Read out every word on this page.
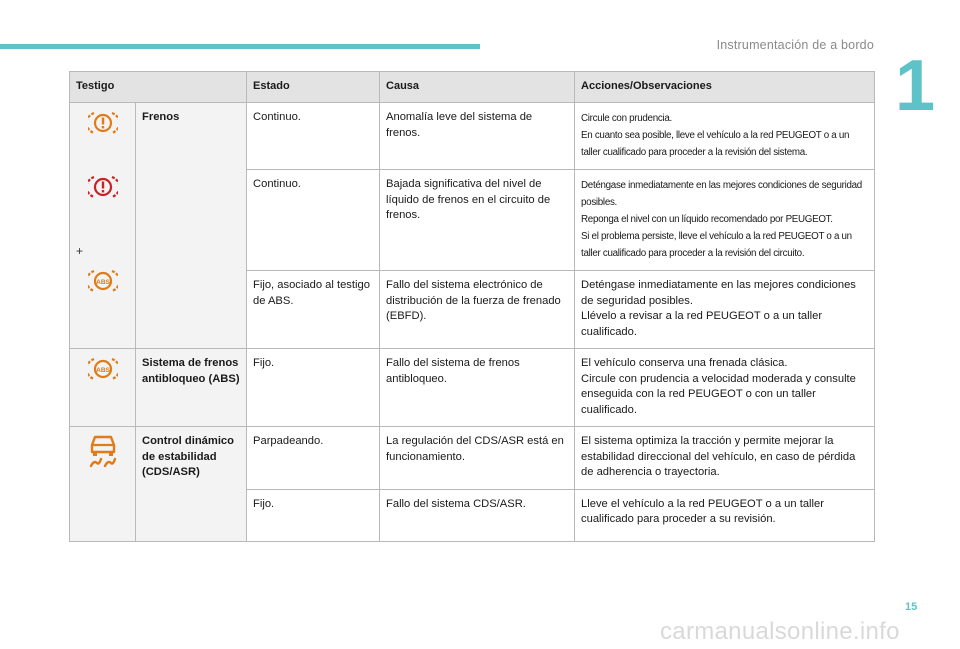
Instrumentación de a bordo
1
Testigo		Estado	Causa	Acciones/Observaciones

+
ABS	Frenos	Continuo.	Anomalía leve del sistema de frenos.	Circule con prudencia.
En cuanto sea posible, lleve el vehículo a la red PEUGEOT o a un taller cualificado para proceder a la revisión del sistema.

		Continuo.	Bajada significativa del nivel de líquido de frenos en el circuito de frenos.	Deténgase inmediatamente en las mejores condiciones de seguridad posibles.
Reponga el nivel con un líquido recomendado por PEUGEOT.
Si el problema persiste, lleve el vehículo a la red PEUGEOT o a un taller cualificado para proceder a la revisión del circuito.

		Fijo, asociado al testigo de ABS.	Fallo del sistema electrónico de distribución de la fuerza de frenado (EBFD).	Deténgase inmediatamente en las mejores condiciones de seguridad posibles.
Llévelo a revisar a la red PEUGEOT o a un taller cualificado.

ABS	Sistema de frenos antibloqueo (ABS)	Fijo.	Fallo del sistema de frenos antibloqueo.	El vehículo conserva una frenada clásica.
Circule con prudencia a velocidad moderada y consulte enseguida con la red PEUGEOT o con un taller cualificado.

	Control dinámico de estabilidad (CDS/ASR)	Parpadeando.	La regulación del CDS/ASR está en funcionamiento.	El sistema optimiza la tracción y permite mejorar la estabilidad direccional del vehículo, en caso de pérdida de adherencia o trayectoria.

		Fijo.	Fallo del sistema CDS/ASR.	Lleve el vehículo a la red PEUGEOT o a un taller cualificado para proceder a su revisión.
15
carmanualsonline.info
